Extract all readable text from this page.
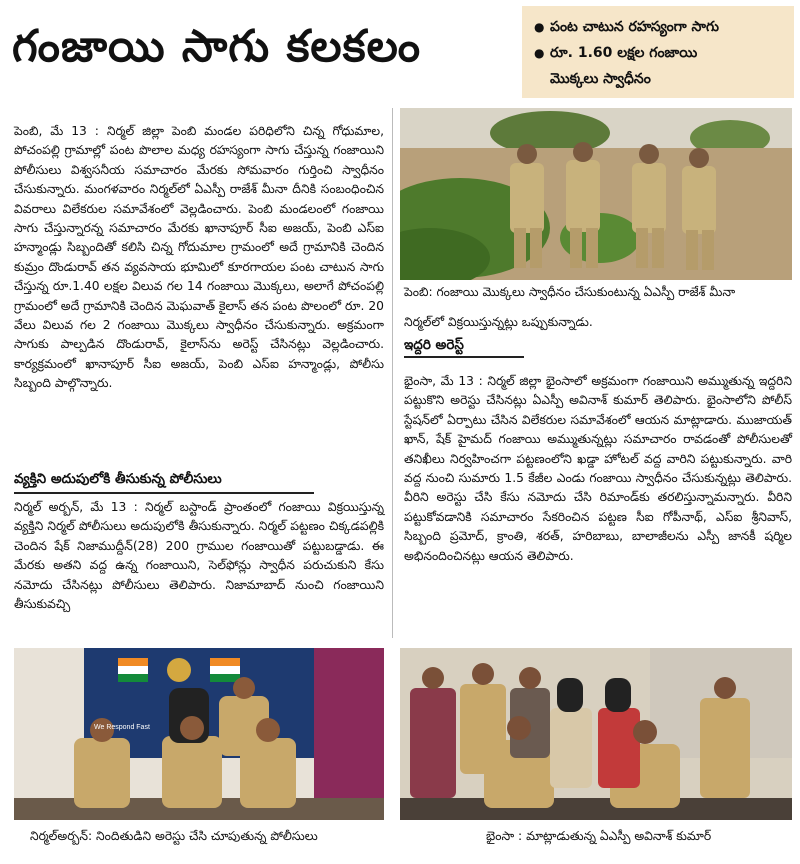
గంజాయి సాగు కలకలం
●	పంట చాటున రహస్యంగా సాగు
● రూ. 1.60 లక్షల గంజాయి
మొక్కలు స్వాధీనం

పెంబి, మే 13 : నిర్మల్ జిల్లా పెంబి మండల పరిధిలోని చిన్న గోధుమాల, పోచంపల్లి గ్రామాల్లో పంట పొలాల మధ్య రహస్యంగా సాగు చేస్తున్న గంజాయిని పోలీసులు విశ్వసనీయ సమాచారం మేరకు సోమవారం గుర్తించి స్వాధీనం చేసుకున్నారు. మంగళవారం నిర్మల్‌లో ఏఎస్పీ రాజేశ్ మీనా దీనికి సంబంధించిన వివరాలు విలేకరుల సమావేశంలో వెల్లడించారు. పెంబి మండలంలో గంజాయి సాగు చేస్తున్నారన్న సమాచారం మేరకు ఖానాపూర్ సీఐ అజయ్, పెంబి ఎస్ఐ హన్మాండ్లు సిబ్బందితో కలిసి చిన్న గోదుమాల గ్రామంలో అదే గ్రామానికి చెందిన కుమ్రం దొండురావ్ తన వ్యవసాయ భూమిలో కూరగాయల పంట చాటున సాగు చేస్తున్న రూ.1.40 లక్షల విలువ గల 14 గంజాయి మొక్కలు, అలాగే పోచంపల్లి గ్రామంలో అదే గ్రామానికి చెందిన మెఘవాత్ కైలాస్ తన పంట పొలంలో రూ. 20 వేలు విలువ గల 2 గంజాయి మొక్కలు స్వాధీనం చేసుకున్నారు. అక్రమంగా సాగుకు పాల్పడిన దొండురావ్, కైలాస్‌ను అరెస్ట్ చేసినట్లు వెల్లడించారు. కార్యక్రమంలో ఖానాపూర్ సీఐ అజయ్, పెంబి ఎస్ఐ హన్మాండ్లు, పోలీసు సిబ్బంది పాల్గొన్నారు.

వ్యక్తిని అదుపులోకి తీసుకున్న పోలీసులు

నిర్మల్ అర్బన్, మే 13 : నిర్మల్ బస్టాండ్ ప్రాంతంలో గంజాయి విక్రయిస్తున్న వ్యక్తిని నిర్మల్ పోలీసులు అదుపులోకి తీసుకున్నారు. నిర్మల్ పట్టణం చిక్కడపల్లికి చెందిన షేక్ నిజాముద్దీన్(28) 200 గ్రాముల గంజాయితో పట్టుబడ్డాడు. ఈ మేరకు అతని వద్ద ఉన్న గంజాయిని, సెల్‌ఫోన్లు స్వాధీన పరుచుకుని కేసు నమోదు చేసినట్లు పోలీసులు తెలిపారు. నిజామాబాద్ నుంచి గంజాయిని తీసుకువచ్చి

పెంబి: గంజాయి మొక్కలు స్వాధీనం చేసుకుంటున్న ఏఎస్పీ రాజేశ్ మీనా
నిర్మల్‌లో విక్రయిస్తున్నట్లు ఒప్పుకున్నాడు.
ఇద్దరి అరెస్ట్

భైంసా, మే 13 : నిర్మల్ జిల్లా భైంసాలో అక్రమంగా గంజాయిని అమ్ముతున్న ఇద్దరిని పట్టుకొని అరెస్టు చేసినట్లు ఏఎస్పీ అవినాశ్ కుమార్ తెలిపారు. భైంసాలోని పోలీస్ స్టేషన్‌లో ఏర్పాటు చేసిన విలేకరుల సమావేశంలో ఆయన మాట్లాడారు. ముజాయత్ ఖాన్, షేక్ హైమద్ గంజాయి అమ్ముతున్నట్లు సమాచారం రావడంతో పోలీసులతో తనిఖీలు నిర్వహించగా పట్టణంలోని ఖడ్డా హోటల్ వద్ద వారిని పట్టుకున్నారు. వారి వద్ద నుంచి సుమారు 1.5 కేజీల ఎండు గంజాయి స్వాధీనం చేసుకున్నట్లు తెలిపారు. వీరిని అరెస్టు చేసి కేసు నమోదు చేసి రిమాండ్‌కు తరలిస్తున్నామన్నారు. వీరిని పట్టుకోవడానికి సమాచారం సేకరించిన పట్టణ సీఐ గోపీనాథ్, ఎస్ఐ శ్రీనివాస్, సిబ్బంది ప్రమోద్, క్రాంతి, శరత్, హరిబాబు, బాలాజీలను ఎస్పీ జానకీ షర్మిల అభినందించినట్లు ఆయన తెలిపారు.

We Respond Fast
నిర్మల్అర్బన్: నిందితుడిని అరెస్టు చేసి చూపుతున్న పోలీసులు	భైంసా : మాట్లాడుతున్న ఏఎస్పీ అవినాశ్ కుమార్
